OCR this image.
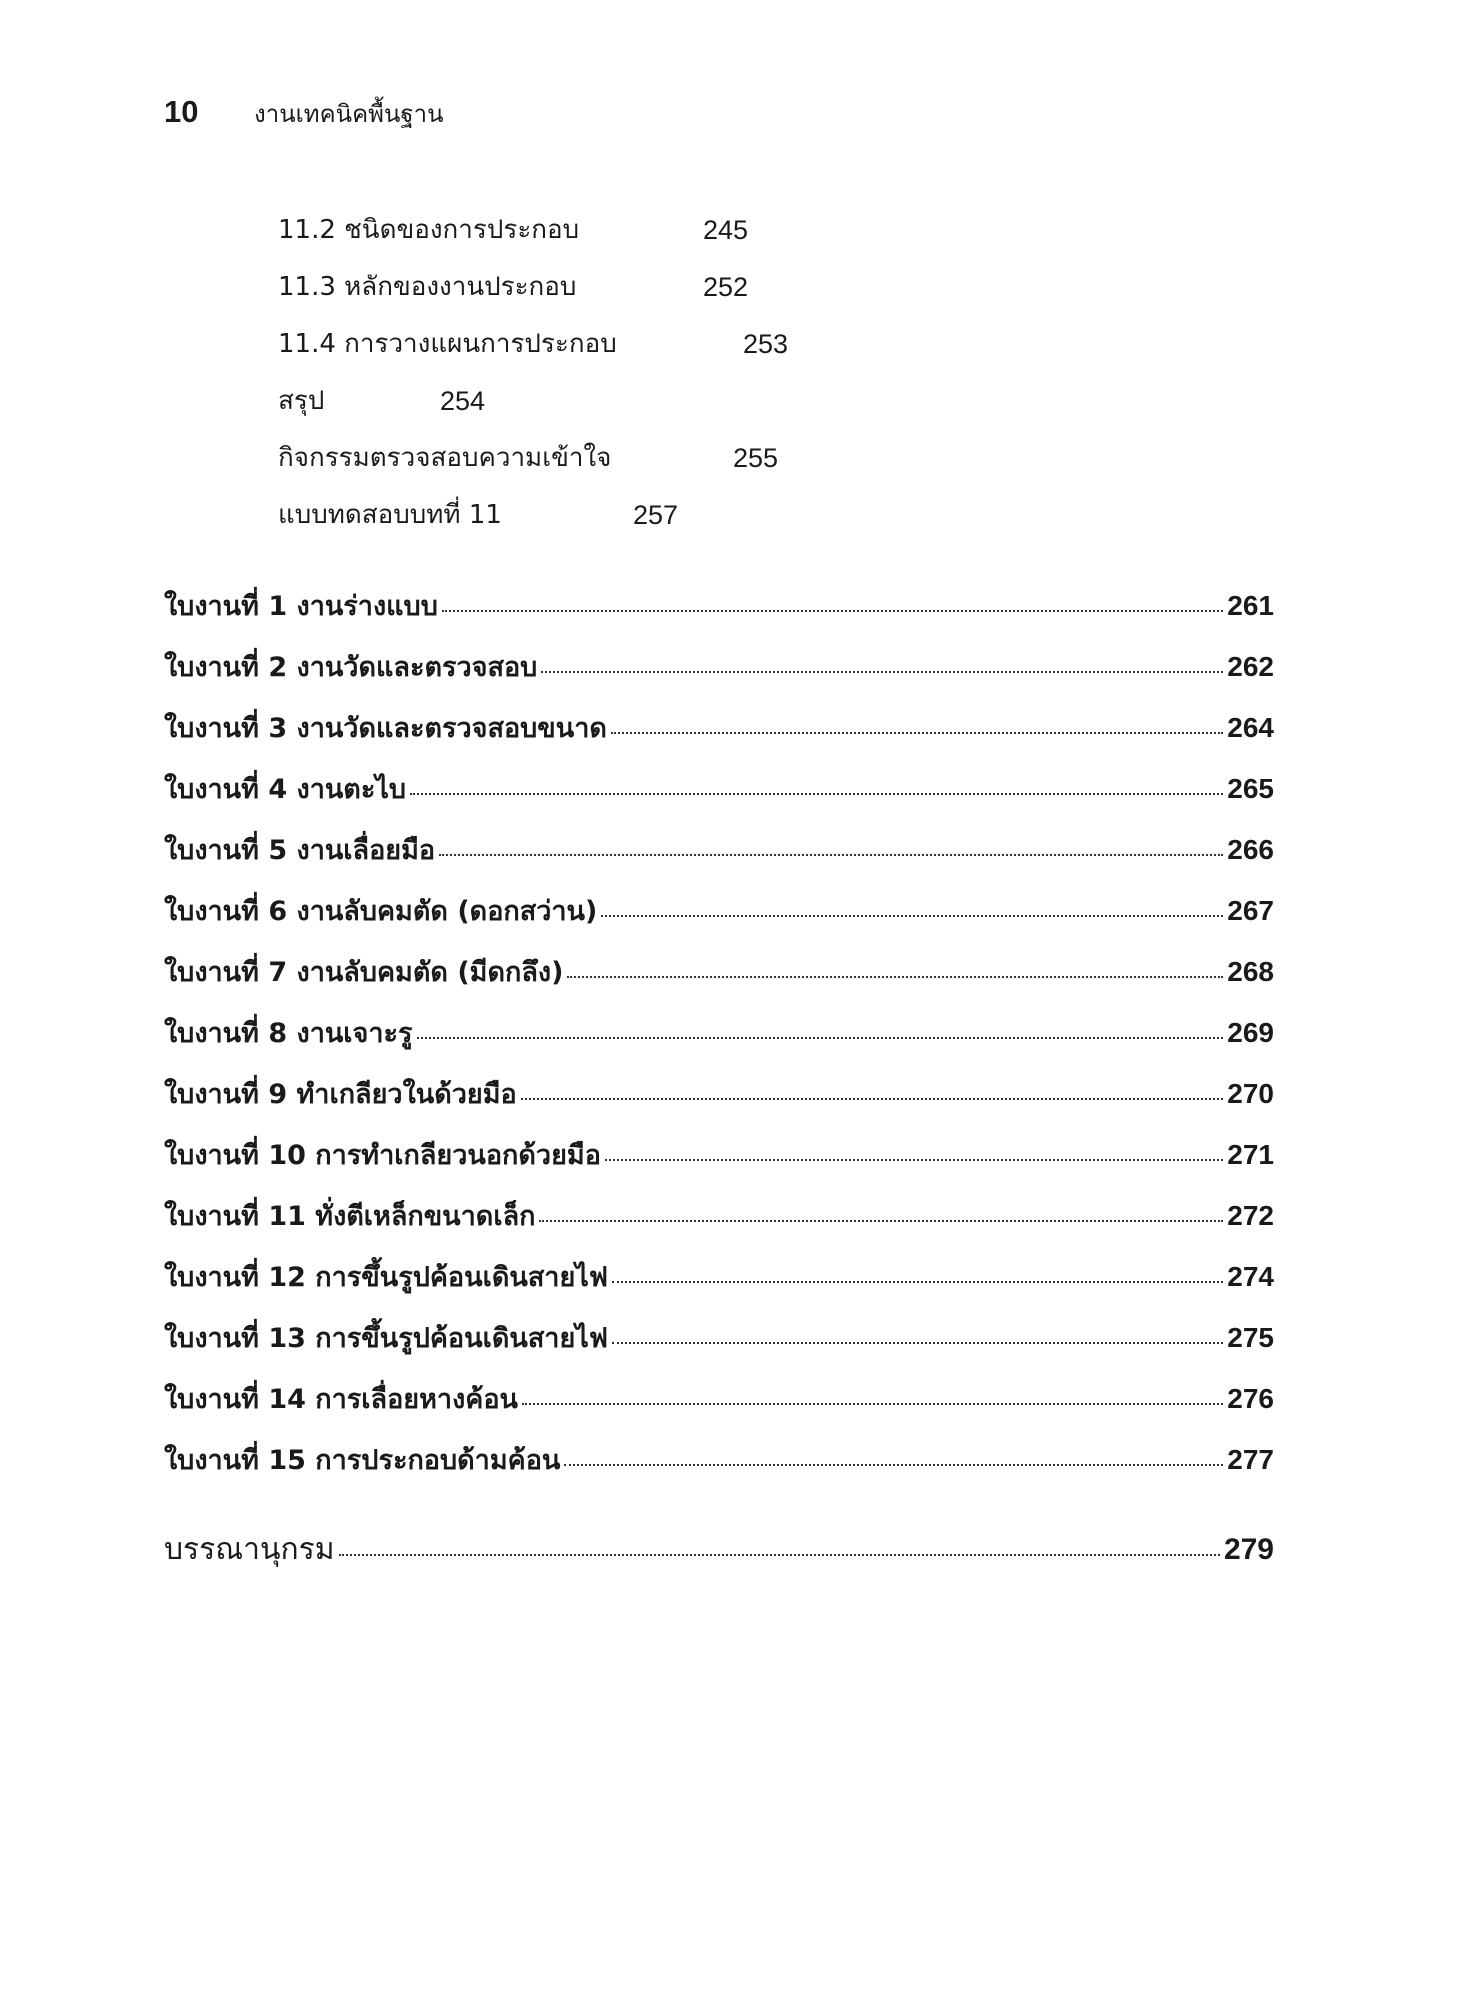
10	งานเทคนิคพื้นฐาน
11.2 ชนิดของการประกอบ	245
11.3 หลักของงานประกอบ	252
11.4 การวางแผนการประกอบ	253
สรุป	254
กิจกรรมตรวจสอบความเข้าใจ	255
แบบทดสอบบทที่ 11	257
ใบงานที่ 1 งานร่างแบบ	261
ใบงานที่ 2 งานวัดและตรวจสอบ	262
ใบงานที่ 3 งานวัดและตรวจสอบขนาด	264
ใบงานที่ 4 งานตะไบ	265
ใบงานที่ 5 งานเลื่อยมือ	266
ใบงานที่ 6 งานลับคมตัด (ดอกสว่าน)	267
ใบงานที่ 7 งานลับคมตัด (มีดกลึง)	268
ใบงานที่ 8 งานเจาะรู	269
ใบงานที่ 9 ทำเกลียวในด้วยมือ	270
ใบงานที่ 10 การทำเกลียวนอกด้วยมือ	271
ใบงานที่ 11 ทั่งตีเหล็กขนาดเล็ก	272
ใบงานที่ 12 การขึ้นรูปค้อนเดินสายไฟ	274
ใบงานที่ 13 การขึ้นรูปค้อนเดินสายไฟ	275
ใบงานที่ 14 การเลื่อยหางค้อน	276
ใบงานที่ 15 การประกอบด้ามค้อน	277
บรรณานุกรม	279
